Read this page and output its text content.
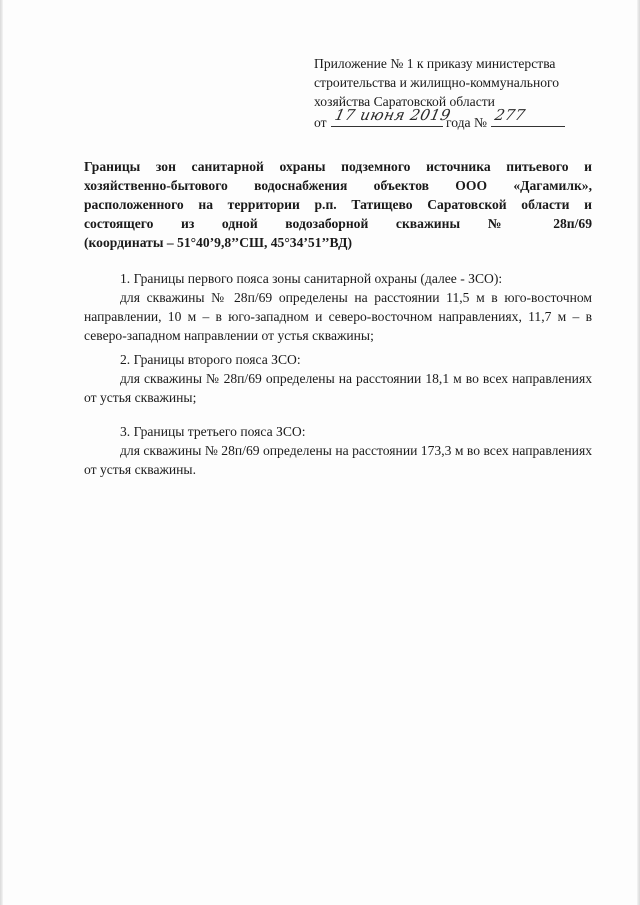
Приложение № 1 к приказу министерства
строительства и жилищно-коммунального
хозяйства Саратовской области
от 17 июня 2019
года № 277
Границы зон санитарной охраны подземного источника питьевого и
хозяйственно-бытового водоснабжения объектов ООО «Дагамилк»,
расположенного на территории р.п. Татищево Саратовской области и
состоящего из одной водозаборной скважины № 28п/69
(координаты – 51°40’9,8’’СШ, 45°34’51’’ВД)
1. Границы первого пояса зоны санитарной охраны (далее - ЗСО):

для скважины № 28п/69 определены на расстоянии 11,5 м в юго-восточном направлении, 10 м – в юго-западном и северо-восточном направлениях, 11,7 м – в северо-западном направлении от устья скважины;

2. Границы второго пояса ЗСО:

для скважины № 28п/69 определены на расстоянии 18,1 м во всех направлениях от устья скважины;

3. Границы третьего пояса ЗСО:

для скважины № 28п/69 определены на расстоянии 173,3 м во всех направлениях от устья скважины.
